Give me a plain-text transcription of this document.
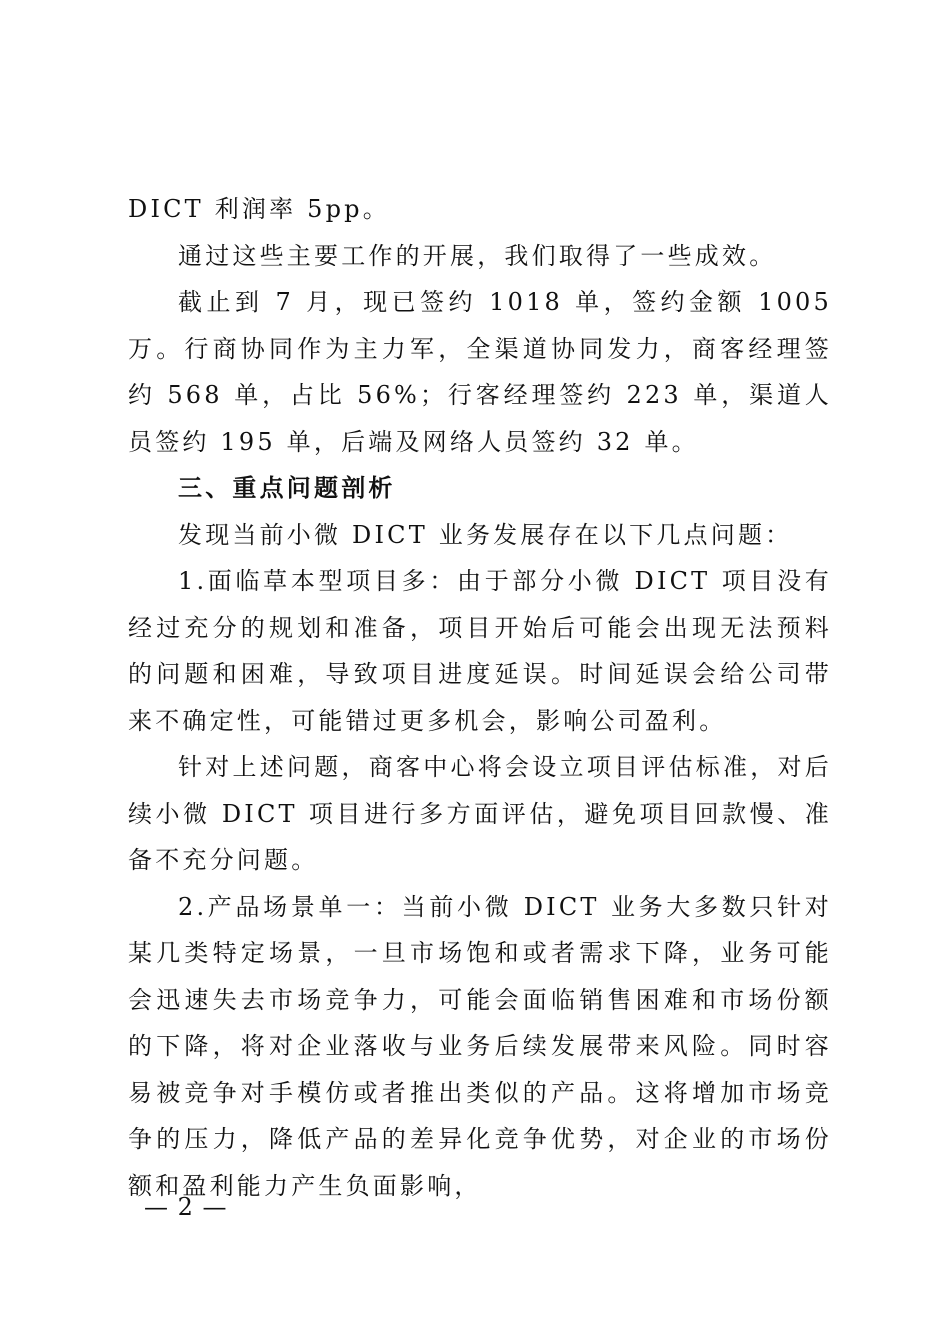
DICT 利润率 5pp。

通过这些主要工作的开展，我们取得了一些成效。

截止到 7 月，现已签约 1018 单，签约金额 1005 万。行商协同作为主力军，全渠道协同发力，商客经理签约 568 单，占比 56%；行客经理签约 223 单，渠道人员签约 195 单，后端及网络人员签约 32 单。

三、重点问题剖析

发现当前小微 DICT 业务发展存在以下几点问题：

1.面临草本型项目多：由于部分小微 DICT 项目没有经过充分的规划和准备，项目开始后可能会出现无法预料的问题和困难，导致项目进度延误。时间延误会给公司带来不确定性，可能错过更多机会，影响公司盈利。

针对上述问题，商客中心将会设立项目评估标准，对后续小微 DICT 项目进行多方面评估，避免项目回款慢、准备不充分问题。

2.产品场景单一：当前小微 DICT 业务大多数只针对某几类特定场景，一旦市场饱和或者需求下降，业务可能会迅速失去市场竞争力，可能会面临销售困难和市场份额的下降，将对企业落收与业务后续发展带来风险。同时容易被竞争对手模仿或者推出类似的产品。这将增加市场竞争的压力，降低产品的差异化竞争优势，对企业的市场份额和盈利能力产生负面影响，

— 2 —
